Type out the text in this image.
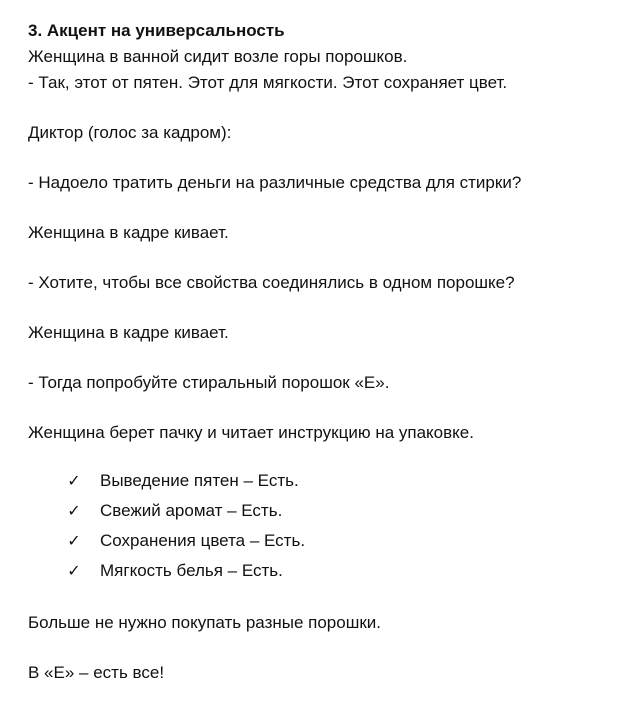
3. Акцент на универсальность
Женщина в ванной сидит возле горы порошков.
- Так, этот от пятен. Этот для мягкости. Этот сохраняет цвет.
Диктор (голос за кадром):
- Надоело тратить деньги на различные средства для стирки?
Женщина в кадре кивает.
- Хотите, чтобы все свойства соединялись в одном порошке?
Женщина в кадре кивает.
- Тогда попробуйте стиральный порошок «Е».
Женщина берет пачку и читает инструкцию на упаковке.
✓ Выведение пятен – Есть.
✓ Свежий аромат – Есть.
✓ Сохранения цвета – Есть.
✓ Мягкость белья – Есть.
Больше не нужно покупать разные порошки.
В «Е» – есть все!
